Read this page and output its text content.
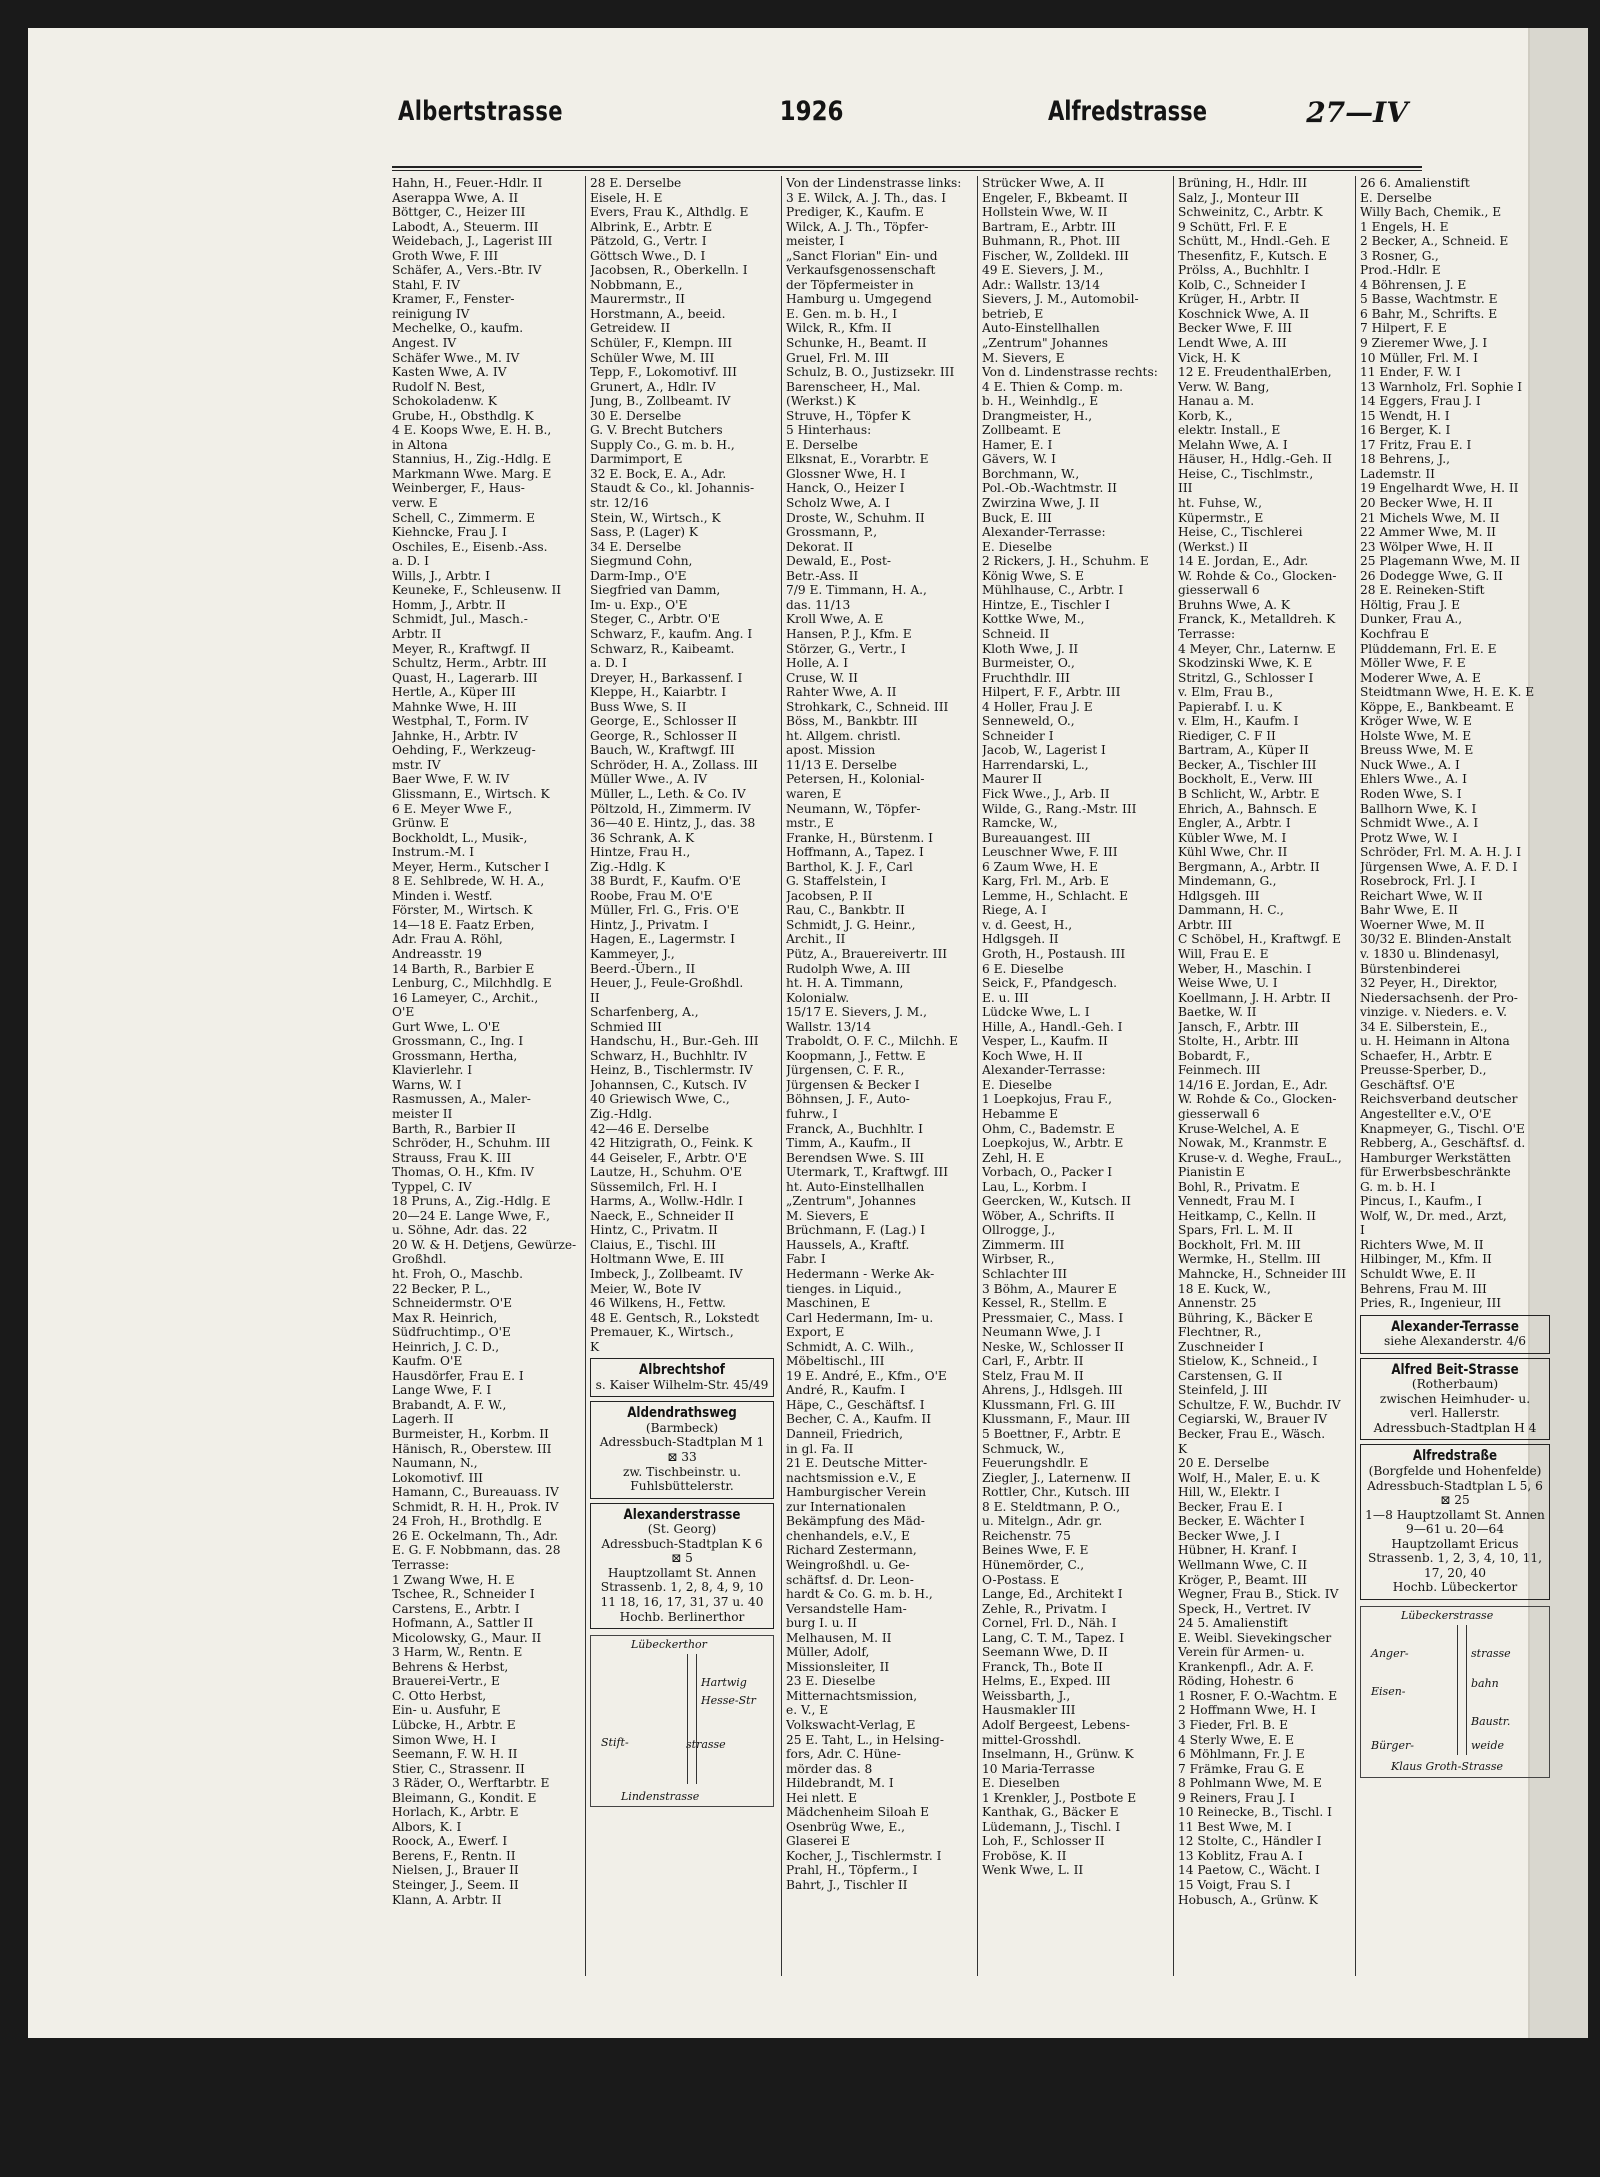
Albertstrasse	1926	Alfredstrasse	27—IV
Hahn, H., Feuer.-Hdlr. II
Aserappa Wwe, A. II
Böttger, C., Heizer III
Labodt, A., Steuerm. III
Weidebach, J., Lagerist III
Groth Wwe, F. III
Schäfer, A., Vers.-Btr. IV
Stahl, F. IV
Kramer, F., Fenster-
reinigung IV
Mechelke, O., kaufm.
Angest. IV
Schäfer Wwe., M. IV
Kasten Wwe, A. IV
Rudolf N. Best,
Schokoladenw. K
Grube, H., Obsthdlg. K
4 E. Koops Wwe, E. H. B.,
in Altona
Stannius, H., Zig.-Hdlg. E
Markmann Wwe. Marg. E
Weinberger, F., Haus-
verw. E
Schell, C., Zimmerm. E
Kiehncke, Frau J. I
Oschiles, E., Eisenb.-Ass.
a. D. I
Wills, J., Arbtr. I
Keuneke, F., Schleusenw. II
Homm, J., Arbtr. II
Schmidt, Jul., Masch.-
Arbtr. II
Meyer, R., Kraftwgf. II
Schultz, Herm., Arbtr. III
Quast, H., Lagerarb. III
Hertle, A., Küper III
Mahnke Wwe, H. III
Westphal, T., Form. IV
Jahnke, H., Arbtr. IV
Oehding, F., Werkzeug-
mstr. IV
Baer Wwe, F. W. IV
Glissmann, E., Wirtsch. K
6 E. Meyer Wwe F.,
Grünw. E
Bockholdt, L., Musik-,
Instrum.-M. I
Meyer, Herm., Kutscher I
8 E. Sehlbrede, W. H. A.,
Minden i. Westf.
Förster, M., Wirtsch. K
14—18 E. Faatz Erben,
Adr. Frau A. Röhl,
Andreasstr. 19
14 Barth, R., Barbier E
Lenburg, C., Milchhdlg. E
16 Lameyer, C., Archit.,
O'E
Gurt Wwe, L. O'E
Grossmann, C., Ing. I
Grossmann, Hertha,
Klavierlehr. I
Warns, W. I
Rasmussen, A., Maler-
meister II
Barth, R., Barbier II
Schröder, H., Schuhm. III
Strauss, Frau K. III
Thomas, O. H., Kfm. IV
Typpel, C. IV
18 Pruns, A., Zig.-Hdlg. E
20—24 E. Lange Wwe, F.,
u. Söhne, Adr. das. 22
20 W. & H. Detjens, Gewürze-
Großhdl.
ht. Froh, O., Maschb.
22 Becker, P. L.,
Schneidermstr. O'E
Max R. Heinrich,
Südfruchtimp., O'E
Heinrich, J. C. D.,
Kaufm. O'E
Hausdörfer, Frau E. I
Lange Wwe, F. I
Brabandt, A. F. W.,
Lagerh. II
Burmeister, H., Korbm. II
Hänisch, R., Oberstew. III
Naumann, N.,
Lokomotivf. III
Hamann, C., Bureauass. IV
Schmidt, R. H. H., Prok. IV
24 Froh, H., Brothdlg. E
26 E. Ockelmann, Th., Adr.
E. G. F. Nobbmann, das. 28
Terrasse:
1 Zwang Wwe, H. E
Tschee, R., Schneider I
Carstens, E., Arbtr. I
Hofmann, A., Sattler II
Micolowsky, G., Maur. II
3 Harm, W., Rentn. E
Behrens & Herbst,
Brauerei-Vertr., E
C. Otto Herbst,
Ein- u. Ausfuhr, E
Lübcke, H., Arbtr. E
Simon Wwe, H. I
Seemann, F. W. H. II
Stier, C., Strassenr. II
3 Räder, O., Werftarbtr. E
Bleimann, G., Kondit. E
Horlach, K., Arbtr. E
Albors, K. I
Roock, A., Ewerf. I
Berens, F., Rentn. II
Nielsen, J., Brauer II
Steinger, J., Seem. II
Klann, A. Arbtr. II
28 E. Derselbe
Eisele, H. E
Evers, Frau K., Althdlg. E
Albrink, E., Arbtr. E
Pätzold, G., Vertr. I
Göttsch Wwe., D. I
Jacobsen, R., Oberkelln. I
Nobbmann, E.,
Maurermstr., II
Horstmann, A., beeid.
Getreidew. II
Schüler, F., Klempn. III
Schüler Wwe, M. III
Tepp, F., Lokomotivf. III
Grunert, A., Hdlr. IV
Jung, B., Zollbeamt. IV
30 E. Derselbe
G. V. Brecht Butchers
Supply Co., G. m. b. H.,
Darmimport, E
32 E. Bock, E. A., Adr.
Staudt & Co., kl. Johannis-
str. 12/16
Stein, W., Wirtsch., K
Sass, P. (Lager) K
34 E. Derselbe
Siegmund Cohn,
Darm-Imp., O'E
Siegfried van Damm,
Im- u. Exp., O'E
Steger, C., Arbtr. O'E
Schwarz, F., kaufm. Ang. I
Schwarz, R., Kaibeamt.
a. D. I
Dreyer, H., Barkassenf. I
Kleppe, H., Kaiarbtr. I
Buss Wwe, S. II
George, E., Schlosser II
George, R., Schlosser II
Bauch, W., Kraftwgf. III
Schröder, H. A., Zollass. III
Müller Wwe., A. IV
Müller, L., Leth. & Co. IV
Pöltzold, H., Zimmerm. IV
36—40 E. Hintz, J., das. 38
36 Schrank, A. K
Hintze, Frau H.,
Zig.-Hdlg. K
38 Burdt, F., Kaufm. O'E
Roobe, Frau M. O'E
Müller, Frl. G., Fris. O'E
Hintz, J., Privatm. I
Hagen, E., Lagermstr. I
Kammeyer, J.,
Beerd.-Übern., II
Heuer, J., Feule-Großhdl.
II
Scharfenberg, A.,
Schmied III
Handschu, H., Bur.-Geh. III
Schwarz, H., Buchhltr. IV
Heinz, B., Tischlermstr. IV
Johannsen, C., Kutsch. IV
40 Griewisch Wwe, C.,
Zig.-Hdlg.
42—46 E. Derselbe
42 Hitzigrath, O., Feink. K
44 Geiseler, F., Arbtr. O'E
Lautze, H., Schuhm. O'E
Süssemilch, Frl. H. I
Harms, A., Wollw.-Hdlr. I
Naeck, E., Schneider II
Hintz, C., Privatm. II
Claius, E., Tischl. III
Holtmann Wwe, E. III
Imbeck, J., Zollbeamt. IV
Meier, W., Bote IV
46 Wilkens, H., Fettw.
48 E. Gentsch, R., Lokstedt
Premauer, K., Wirtsch.,
K
Albrechtshof
s. Kaiser Wilhelm-Str. 45/49
Aldendrathsweg
(Barmbeck)
Adressbuch-Stadtplan M 1
⊠ 33
zw. Tischbeinstr. u.
Fuhlsbüttelerstr.
Alexanderstrasse
(St. Georg)
Adressbuch-Stadtplan K 6
⊠ 5
Hauptzollamt St. Annen
Strassenb. 1, 2, 8, 4, 9, 10
11 18, 16, 17, 31, 37 u. 40
Hochb. Berlinerthor
Lübeckerthor
Hartwig
Hesse-Str
Stift-	strasse
Lindenstrasse
Von der Lindenstrasse links:
3 E. Wilck, A. J. Th., das. I
Prediger, K., Kaufm. E
Wilck, A. J. Th., Töpfer-
meister, I
„Sanct Florian" Ein- und
Verkaufsgenossenschaft
der Töpfermeister in
Hamburg u. Umgegend
E. Gen. m. b. H., I
Wilck, R., Kfm. II
Schunke, H., Beamt. II
Gruel, Frl. M. III
Schulz, B. O., Justizsekr. III
Barenscheer, H., Mal.
(Werkst.) K
Struve, H., Töpfer K
5 Hinterhaus:
E. Derselbe
Elksnat, E., Vorarbtr. E
Glossner Wwe, H. I
Hanck, O., Heizer I
Scholz Wwe, A. I
Droste, W., Schuhm. II
Grossmann, P.,
Dekorat. II
Dewald, E., Post-
Betr.-Ass. II
7/9 E. Timmann, H. A.,
das. 11/13
Kroll Wwe, A. E
Hansen, P. J., Kfm. E
Störzer, G., Vertr., I
Holle, A. I
Cruse, W. II
Rahter Wwe, A. II
Strohkark, C., Schneid. III
Böss, M., Bankbtr. III
ht. Allgem. christl.
apost. Mission
11/13 E. Derselbe
Petersen, H., Kolonial-
waren, E
Neumann, W., Töpfer-
mstr., E
Franke, H., Bürstenm. I
Hoffmann, A., Tapez. I
Barthol, K. J. F., Carl
G. Staffelstein, I
Jacobsen, P. II
Rau, C., Bankbtr. II
Schmidt, J. G. Heinr.,
Archit., II
Pütz, A., Brauereivertr. III
Rudolph Wwe, A. III
ht. H. A. Timmann,
Kolonialw.
15/17 E. Sievers, J. M.,
Wallstr. 13/14
Traboldt, O. F. C., Milchh. E
Koopmann, J., Fettw. E
Jürgensen, C. F. R.,
Jürgensen & Becker I
Böhnsen, J. F., Auto-
fuhrw., I
Franck, A., Buchhltr. I
Timm, A., Kaufm., II
Berendsen Wwe. S. III
Utermark, T., Kraftwgf. III
ht. Auto-Einstellhallen
„Zentrum", Johannes
M. Sievers, E
Brüchmann, F. (Lag.) I
Haussels, A., Kraftf.
Fabr. I
Hedermann - Werke Ak-
tienges. in Liquid.,
Maschinen, E
Carl Hedermann, Im- u.
Export, E
Schmidt, A. C. Wilh.,
Möbeltischl., III
19 E. André, E., Kfm., O'E
André, R., Kaufm. I
Häpe, C., Geschäftsf. I
Becher, C. A., Kaufm. II
Danneil, Friedrich,
in gl. Fa. II
21 E. Deutsche Mitter-
nachtsmission e.V., E
Hamburgischer Verein
zur Internationalen
Bekämpfung des Mäd-
chenhandels, e.V., E
Richard Zestermann,
Weingroßhdl. u. Ge-
schäftsf. d. Dr. Leon-
hardt & Co. G. m. b. H.,
Versandstelle Ham-
burg I. u. II
Melhausen, M. II
Müller, Adolf,
Missionsleiter, II
23 E. Dieselbe
Mitternachtsmission,
e. V., E
Volkswacht-Verlag, E
25 E. Taht, L., in Helsing-
fors, Adr. C. Hüne-
mörder das. 8
Hildebrandt, M. I
Hei nlett. E
Mädchenheim Siloah E
Osenbrüg Wwe, E.,
Glaserei E
Kocher, J., Tischlermstr. I
Prahl, H., Töpferm., I
Bahrt, J., Tischler II
Strücker Wwe, A. II
Engeler, F., Bkbeamt. II
Hollstein Wwe, W. II
Bartram, E., Arbtr. III
Buhmann, R., Phot. III
Fischer, W., Zolldekl. III
49 E. Sievers, J. M.,
Adr.: Wallstr. 13/14
Sievers, J. M., Automobil-
betrieb, E
Auto-Einstellhallen
„Zentrum" Johannes
M. Sievers, E
Von d. Lindenstrasse rechts:
4 E. Thien & Comp. m.
b. H., Weinhdlg., E
Drangmeister, H.,
Zollbeamt. E
Hamer, E. I
Gävers, W. I
Borchmann, W.,
Pol.-Ob.-Wachtmstr. II
Zwirzina Wwe, J. II
Buck, E. III
Alexander-Terrasse:
E. Dieselbe
2 Rickers, J. H., Schuhm. E
König Wwe, S. E
Mühlhause, C., Arbtr. I
Hintze, E., Tischler I
Kottke Wwe, M.,
Schneid. II
Kloth Wwe, J. II
Burmeister, O.,
Fruchthdlr. III
Hilpert, F. F., Arbtr. III
4 Holler, Frau J. E
Senneweld, O.,
Schneider I
Jacob, W., Lagerist I
Harrendarski, L.,
Maurer II
Fick Wwe., J., Arb. II
Wilde, G., Rang.-Mstr. III
Ramcke, W.,
Bureauangest. III
Leuschner Wwe, F. III
6 Zaum Wwe, H. E
Karg, Frl. M., Arb. E
Lemme, H., Schlacht. E
Riege, A. I
v. d. Geest, H.,
Hdlgsgeh. II
Groth, H., Postaush. III
6 E. Dieselbe
Seick, F., Pfandgesch.
E. u. III
Lüdcke Wwe, L. I
Hille, A., Handl.-Geh. I
Vesper, L., Kaufm. II
Koch Wwe, H. II
Alexander-Terrasse:
E. Dieselbe
1 Loepkojus, Frau F.,
Hebamme E
Ohm, C., Bademstr. E
Loepkojus, W., Arbtr. E
Zehl, H. E
Vorbach, O., Packer I
Lau, L., Korbm. I
Geercken, W., Kutsch. II
Wöber, A., Schrifts. II
Ollrogge, J.,
Zimmerm. III
Wirbser, R.,
Schlachter III
3 Böhm, A., Maurer E
Kessel, R., Stellm. E
Pressmaier, C., Mass. I
Neumann Wwe, J. I
Neske, W., Schlosser II
Carl, F., Arbtr. II
Stelz, Frau M. II
Ahrens, J., Hdlsgeh. III
Klussmann, Frl. G. III
Klussmann, F., Maur. III
5 Boettner, F., Arbtr. E
Schmuck, W.,
Feuerungshdlr. E
Ziegler, J., Laternenw. II
Rottler, Chr., Kutsch. III
8 E. Steldtmann, P. O.,
u. Mitelgn., Adr. gr.
Reichenstr. 75
Beines Wwe, F. E
Hünemörder, C.,
O-Postass. E
Lange, Ed., Architekt I
Zehle, R., Privatm. I
Cornel, Frl. D., Näh. I
Lang, C. T. M., Tapez. I
Seemann Wwe, D. II
Franck, Th., Bote II
Helms, E., Exped. III
Weissbarth, J.,
Hausmakler III
Adolf Bergeest, Lebens-
mittel-Grosshdl.
Inselmann, H., Grünw. K
10 Maria-Terrasse
E. Dieselben
1 Krenkler, J., Postbote E
Kanthak, G., Bäcker E
Lüdemann, J., Tischl. I
Loh, F., Schlosser II
Froböse, K. II
Wenk Wwe, L. II
Brüning, H., Hdlr. III
Salz, J., Monteur III
Schweinitz, C., Arbtr. K
9 Schütt, Frl. F. E
Schütt, M., Hndl.-Geh. E
Thesenfitz, F., Kutsch. E
Prölss, A., Buchhltr. I
Kolb, C., Schneider I
Krüger, H., Arbtr. II
Koschnick Wwe, A. II
Becker Wwe, F. III
Lendt Wwe, A. III
Vick, H. K
12 E. FreudenthalErben,
Verw. W. Bang,
Hanau a. M.
Korb, K.,
elektr. Install., E
Melahn Wwe, A. I
Häuser, H., Hdlg.-Geh. II
Heise, C., Tischlmstr.,
III
ht. Fuhse, W.,
Küpermstr., E
Heise, C., Tischlerei
(Werkst.) II
14 E. Jordan, E., Adr.
W. Rohde & Co., Glocken-
giesserwall 6
Bruhns Wwe, A. K
Franck, K., Metalldreh. K
Terrasse:
4 Meyer, Chr., Laternw. E
Skodzinski Wwe, K. E
Stritzl, G., Schlosser I
v. Elm, Frau B.,
Papierabf. I. u. K
v. Elm, H., Kaufm. I
Riediger, C. F II
Bartram, A., Küper II
Becker, A., Tischler III
Bockholt, E., Verw. III
B Schlicht, W., Arbtr. E
Ehrich, A., Bahnsch. E
Engler, A., Arbtr. I
Kübler Wwe, M. I
Kühl Wwe, Chr. II
Bergmann, A., Arbtr. II
Mindemann, G.,
Hdlgsgeh. III
Dammann, H. C.,
Arbtr. III
C Schöbel, H., Kraftwgf. E
Will, Frau E. E
Weber, H., Maschin. I
Weise Wwe, U. I
Koellmann, J. H. Arbtr. II
Baetke, W. II
Jansch, F., Arbtr. III
Stolte, H., Arbtr. III
Bobardt, F.,
Feinmech. III
14/16 E. Jordan, E., Adr.
W. Rohde & Co., Glocken-
giesserwall 6
Kruse-Welchel, A. E
Nowak, M., Kranmstr. E
Kruse-v. d. Weghe, FrauL.,
Pianistin E
Bohl, R., Privatm. E
Vennedt, Frau M. I
Heitkamp, C., Kelln. II
Spars, Frl. L. M. II
Bockholt, Frl. M. III
Wermke, H., Stellm. III
Mahncke, H., Schneider III
18 E. Kuck, W.,
Annenstr. 25
Bühring, K., Bäcker E
Flechtner, R.,
Zuschneider I
Stielow, K., Schneid., I
Carstensen, G. II
Steinfeld, J. III
Schultze, F. W., Buchdr. IV
Cegiarski, W., Brauer IV
Becker, Frau E., Wäsch.
K
20 E. Derselbe
Wolf, H., Maler, E. u. K
Hill, W., Elektr. I
Becker, Frau E. I
Becker, E. Wächter I
Becker Wwe, J. I
Hübner, H. Kranf. I
Wellmann Wwe, C. II
Kröger, P., Beamt. III
Wegner, Frau B., Stick. IV
Speck, H., Vertret. IV
24 5. Amalienstift
E. Weibl. Sievekingscher
Verein für Armen- u.
Krankenpfl., Adr. A. F.
Röding, Hohestr. 6
1 Rosner, F. O.-Wachtm. E
2 Hoffmann Wwe, H. I
3 Fieder, Frl. B. E
4 Sterly Wwe, E. E
6 Möhlmann, Fr. J. E
7 Främke, Frau G. E
8 Pohlmann Wwe, M. E
9 Reiners, Frau J. I
10 Reinecke, B., Tischl. I
11 Best Wwe, M. I
12 Stolte, C., Händler I
13 Koblitz, Frau A. I
14 Paetow, C., Wächt. I
15 Voigt, Frau S. I
Hobusch, A., Grünw. K
26 6. Amalienstift
E. Derselbe
Willy Bach, Chemik., E
1 Engels, H. E
2 Becker, A., Schneid. E
3 Rosner, G.,
Prod.-Hdlr. E
4 Böhrensen, J. E
5 Basse, Wachtmstr. E
6 Bahr, M., Schrifts. E
7 Hilpert, F. E
9 Zieremer Wwe, J. I
10 Müller, Frl. M. I
11 Ender, F. W. I
13 Warnholz, Frl. Sophie I
14 Eggers, Frau J. I
15 Wendt, H. I
16 Berger, K. I
17 Fritz, Frau E. I
18 Behrens, J.,
Lademstr. II
19 Engelhardt Wwe, H. II
20 Becker Wwe, H. II
21 Michels Wwe, M. II
22 Ammer Wwe, M. II
23 Wölper Wwe, H. II
25 Plagemann Wwe, M. II
26 Dodegge Wwe, G. II
28 E. Reineken-Stift
Höltig, Frau J. E
Dunker, Frau A.,
Kochfrau E
Plüddemann, Frl. E. E
Möller Wwe, F. E
Moderer Wwe, A. E
Steidtmann Wwe, H. E. K. E
Köppe, E., Bankbeamt. E
Kröger Wwe, W. E
Holste Wwe, M. E
Breuss Wwe, M. E
Nuck Wwe., A. I
Ehlers Wwe., A. I
Roden Wwe, S. I
Ballhorn Wwe, K. I
Schmidt Wwe., A. I
Protz Wwe, W. I
Schröder, Frl. M. A. H. J. I
Jürgensen Wwe, A. F. D. I
Rosebrock, Frl. J. I
Reichart Wwe, W. II
Bahr Wwe, E. II
Woerner Wwe, M. II
30/32 E. Blinden-Anstalt
v. 1830 u. Blindenasyl,
Bürstenbinderei
32 Peyer, H., Direktor,
Niedersachsenh. der Pro-
vinzige. v. Nieders. e. V.
34 E. Silberstein, E.,
u. H. Heimann in Altona
Schaefer, H., Arbtr. E
Preusse-Sperber, D.,
Geschäftsf. O'E
Reichsverband deutscher
Angestellter e.V., O'E
Knapmeyer, G., Tischl. O'E
Rebberg, A., Geschäftsf. d.
Hamburger Werkstätten
für Erwerbsbeschränkte
G. m. b. H. I
Pincus, I., Kaufm., I
Wolf, W., Dr. med., Arzt,
I
Richters Wwe, M. II
Hilbinger, M., Kfm. II
Schuldt Wwe, E. II
Behrens, Frau M. III
Pries, R., Ingenieur, III
Alexander-Terrasse
siehe Alexanderstr. 4/6
Alfred Beit-Strasse
(Rotherbaum)
zwischen Heimhuder- u.
verl. Hallerstr.
Adressbuch-Stadtplan H 4
Alfredstraße
(Borgfelde und Hohenfelde)
Adressbuch-Stadtplan L 5, 6
⊠ 25
1—8 Hauptzollamt St. Annen
9—61 u. 20—64
Hauptzollamt Ericus
Strassenb. 1, 2, 3, 4, 10, 11,
17, 20, 40
Hochb. Lübeckertor
Lübeckerstrasse
Anger-	strasse
Eisen-
bahn
Baustr.
Bürger-	weide
Klaus Groth-Strasse
